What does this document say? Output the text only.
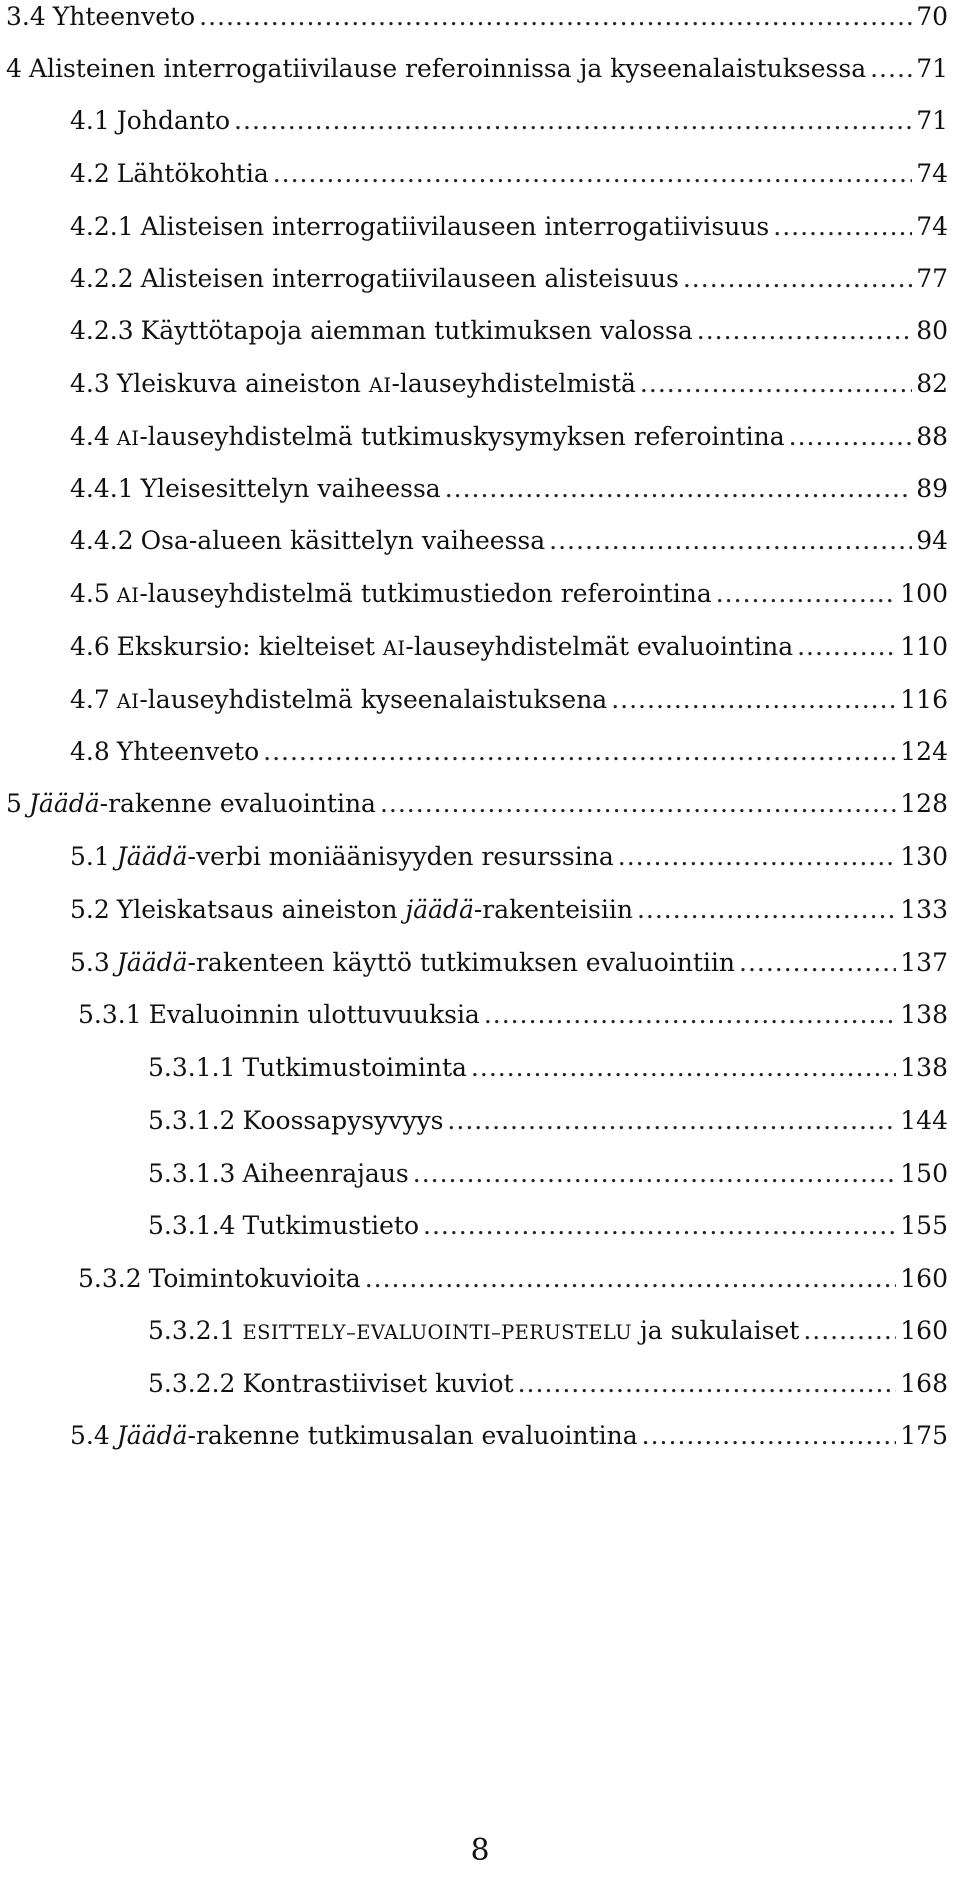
3.4 Yhteenveto .....	70
4 Alisteinen interrogatiivilause referoinnissa ja kyseenalaistuksessa ..... 71
4.1 Johdanto .....	71
4.2 Lähtökohtia .....	74
4.2.1 Alisteisen interrogatiivilauseen interrogatiivisuus .....	74
4.2.2 Alisteisen interrogatiivilauseen alisteisuus .....	77
4.2.3 Käyttötapoja aiemman tutkimuksen valossa .....	80
4.3 Yleiskuva aineiston AI-lauseyhdistelmistä .....	82
4.4 AI-lauseyhdistelmä tutkimuskysymyksen referointina .....	88
4.4.1 Yleisesittelyn vaiheessa .....	89
4.4.2 Osa-alueen käsittelyn vaiheessa .....	94
4.5 AI-lauseyhdistelmä tutkimustiedon referointina .....	100
4.6 Ekskursio: kielteiset AI-lauseyhdistelmät evaluointina .....	110
4.7 AI-lauseyhdistelmä kyseenalaistuksena .....	116
4.8 Yhteenveto .....	124
5 Jäädä-rakenne evaluointina .....	128
5.1 Jäädä-verbi moniäänisyyden resurssina .....	130
5.2 Yleiskatsaus aineiston jäädä-rakenteisiin .....	133
5.3 Jäädä-rakenteen käyttö tutkimuksen evaluointiin .....	137
5.3.1 Evaluoinnin ulottuvuuksia .....	138
5.3.1.1 Tutkimustoiminta .....	138
5.3.1.2 Koossapysyvyys .....	144
5.3.1.3 Aiheenrajaus .....	150
5.3.1.4 Tutkimustieto .....	155
5.3.2 Toimintokuvioita .....	160
5.3.2.1 ESITTELY–EVALUOINTI–PERUSTELU ja sukulaiset .....	160
5.3.2.2 Kontrastiiviset kuviot .....	168
5.4 Jäädä-rakenne tutkimusalan evaluointina .....	175
8
